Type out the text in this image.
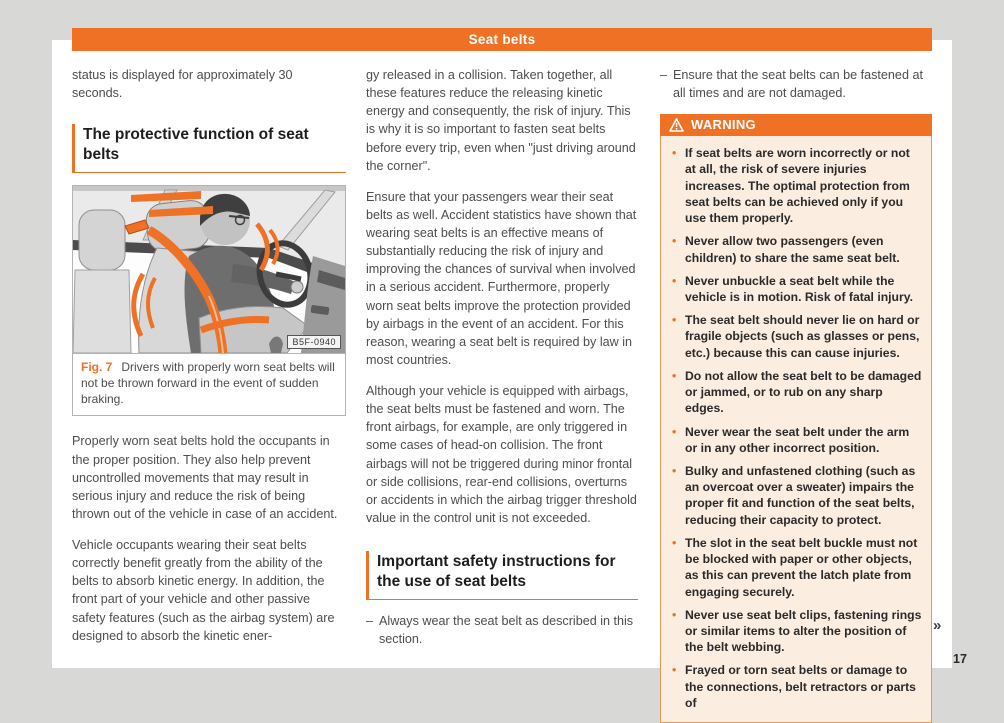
Seat belts

status is displayed for approximately 30 seconds.

The protective function of seat belts
B5F-0940
Fig. 7 Drivers with properly worn seat belts will not be thrown forward in the event of sudden braking.

Properly worn seat belts hold the occupants in the proper position. They also help prevent uncontrolled movements that may result in serious injury and reduce the risk of being thrown out of the vehicle in case of an accident.

Vehicle occupants wearing their seat belts correctly benefit greatly from the ability of the belts to absorb kinetic energy. In addition, the front part of your vehicle and other passive safety features (such as the airbag system) are designed to absorb the kinetic ener-

gy released in a collision. Taken together, all these features reduce the releasing kinetic energy and consequently, the risk of injury. This is why it is so important to fasten seat belts before every trip, even when "just driving around the corner".

Ensure that your passengers wear their seat belts as well. Accident statistics have shown that wearing seat belts is an effective means of substantially reducing the risk of injury and improving the chances of survival when involved in a serious accident. Furthermore, properly worn seat belts improve the protection provided by airbags in the event of an accident. For this reason, wearing a seat belt is required by law in most countries.

Although your vehicle is equipped with airbags, the seat belts must be fastened and worn. The front airbags, for example, are only triggered in some cases of head-on collision. The front airbags will not be triggered during minor frontal or side collisions, rear-end collisions, overturns or accidents in which the airbag trigger threshold value in the control unit is not exceeded.

Important safety instructions for the use of seat belts
– Always wear the seat belt as described in this section.
– Ensure that the seat belts can be fastened at all times and are not damaged.
WARNING
• If seat belts are worn incorrectly or not at all, the risk of severe injuries increases. The optimal protection from seat belts can be achieved only if you use them properly.
• Never allow two passengers (even children) to share the same seat belt.
• Never unbuckle a seat belt while the vehicle is in motion. Risk of fatal injury.
• The seat belt should never lie on hard or fragile objects (such as glasses or pens, etc.) because this can cause injuries.
• Do not allow the seat belt to be damaged or jammed, or to rub on any sharp edges.
• Never wear the seat belt under the arm or in any other incorrect position.
• Bulky and unfastened clothing (such as an overcoat over a sweater) impairs the proper fit and function of the seat belts, reducing their capacity to protect.
• The slot in the seat belt buckle must not be blocked with paper or other objects, as this can prevent the latch plate from engaging securely.
• Never use seat belt clips, fastening rings or similar items to alter the position of the belt webbing.
• Frayed or torn seat belts or damage to the connections, belt retractors or parts of
»
17
